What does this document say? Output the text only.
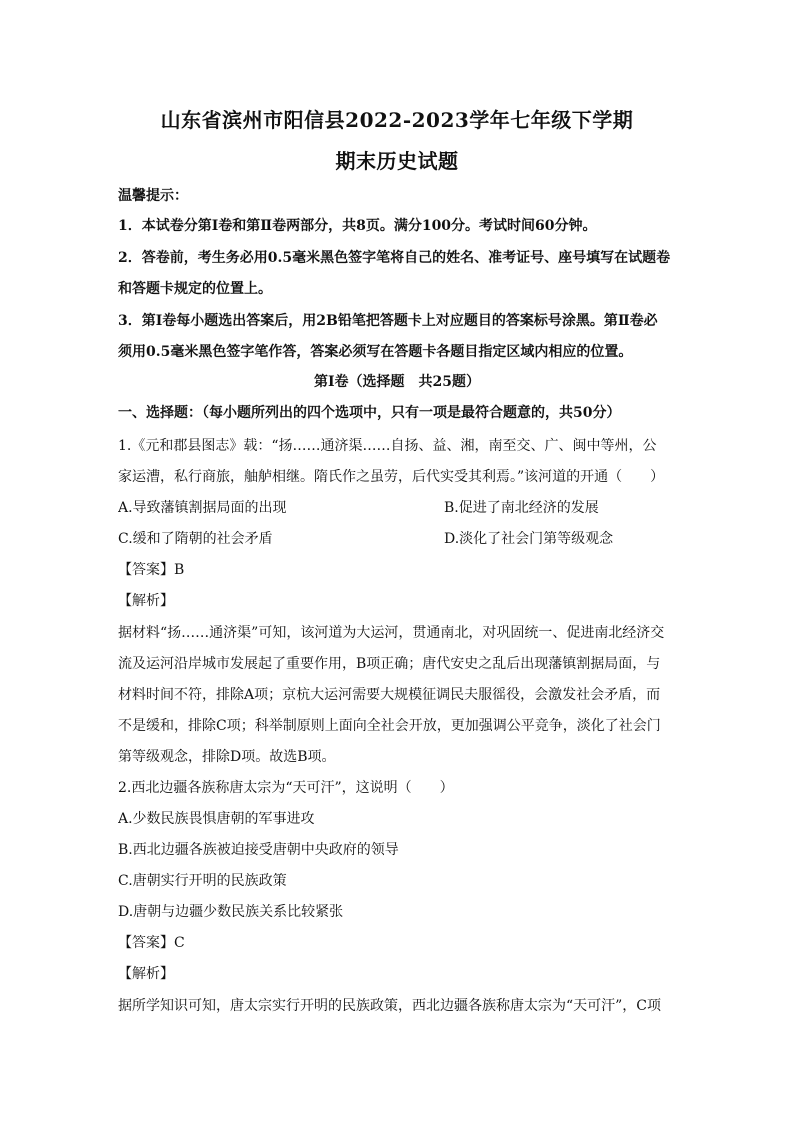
山东省滨州市阳信县2022-2023学年七年级下学期
期末历史试题
温馨提示：
1．本试卷分第Ⅰ卷和第Ⅱ卷两部分，共8页。满分100分。考试时间60分钟。
2．答卷前，考生务必用0.5毫米黑色签字笔将自己的姓名、准考证号、座号填写在试题卷
和答题卡规定的位置上。
3．第Ⅰ卷每小题选出答案后，用2B铅笔把答题卡上对应题目的答案标号涂黑。第Ⅱ卷必
须用0.5毫米黑色签字笔作答，答案必须写在答题卡各题目指定区域内相应的位置。
第Ⅰ卷（选择题　共25题）
一、选择题：（每小题所列出的四个选项中，只有一项是最符合题意的，共50分）
1.《元和郡县图志》载：“扬……通济渠……自扬、益、湘，南至交、广、闽中等州，公
家运漕，私行商旅，舳舻相继。隋氏作之虽劳，后代实受其利焉。”该河道的开通（　　）
A.导致藩镇割据局面的出现	B.促进了南北经济的发展
C.缓和了隋朝的社会矛盾	D.淡化了社会门第等级观念
【答案】B
【解析】
据材料“扬……通济渠”可知，该河道为大运河，贯通南北，对巩固统一、促进南北经济交
流及运河沿岸城市发展起了重要作用，B项正确；唐代安史之乱后出现藩镇割据局面，与
材料时间不符，排除A项；京杭大运河需要大规模征调民夫服徭役，会激发社会矛盾，而
不是缓和，排除C项；科举制原则上面向全社会开放，更加强调公平竞争，淡化了社会门
第等级观念，排除D项。故选B项。
2.西北边疆各族称唐太宗为“天可汗”，这说明（　　）
A.少数民族畏惧唐朝的军事进攻
B.西北边疆各族被迫接受唐朝中央政府的领导
C.唐朝实行开明的民族政策
D.唐朝与边疆少数民族关系比较紧张
【答案】C
【解析】
据所学知识可知，唐太宗实行开明的民族政策，西北边疆各族称唐太宗为“天可汗”，C项
